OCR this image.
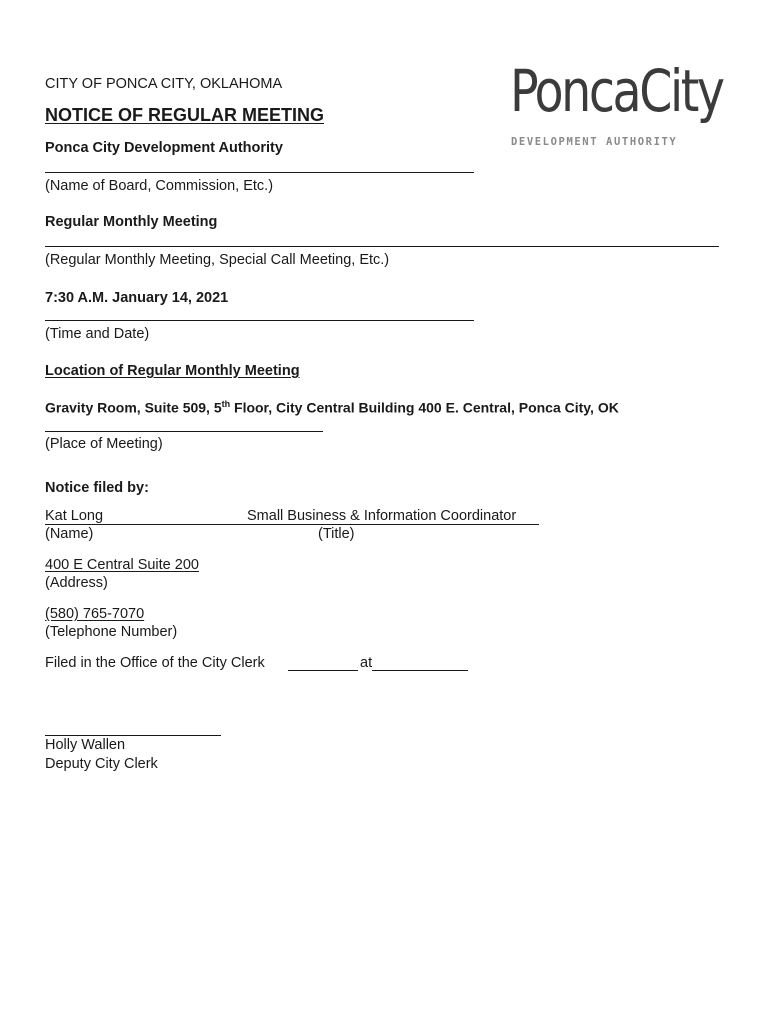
CITY OF PONCA CITY, OKLAHOMA
NOTICE OF REGULAR MEETING	PoncaCity
DEVELOPMENT AUTHORITY
Ponca City Development Authority
(Name of Board, Commission, Etc.)
Regular Monthly Meeting
(Regular Monthly Meeting, Special Call Meeting, Etc.)
7:30 A.M. January 14, 2021
(Time and Date)
Location of Regular Monthly Meeting
Gravity Room, Suite 509, 5th Floor, City Central Building 400 E. Central, Ponca City, OK
(Place of Meeting)
Notice filed by:
Kat Long	Small Business & Information Coordinator
(Name)	(Title)
400 E Central Suite 200
(Address)
(580) 765-7070
(Telephone Number)
Filed in the Office of the City Clerk	at
Holly Wallen
Deputy City Clerk
